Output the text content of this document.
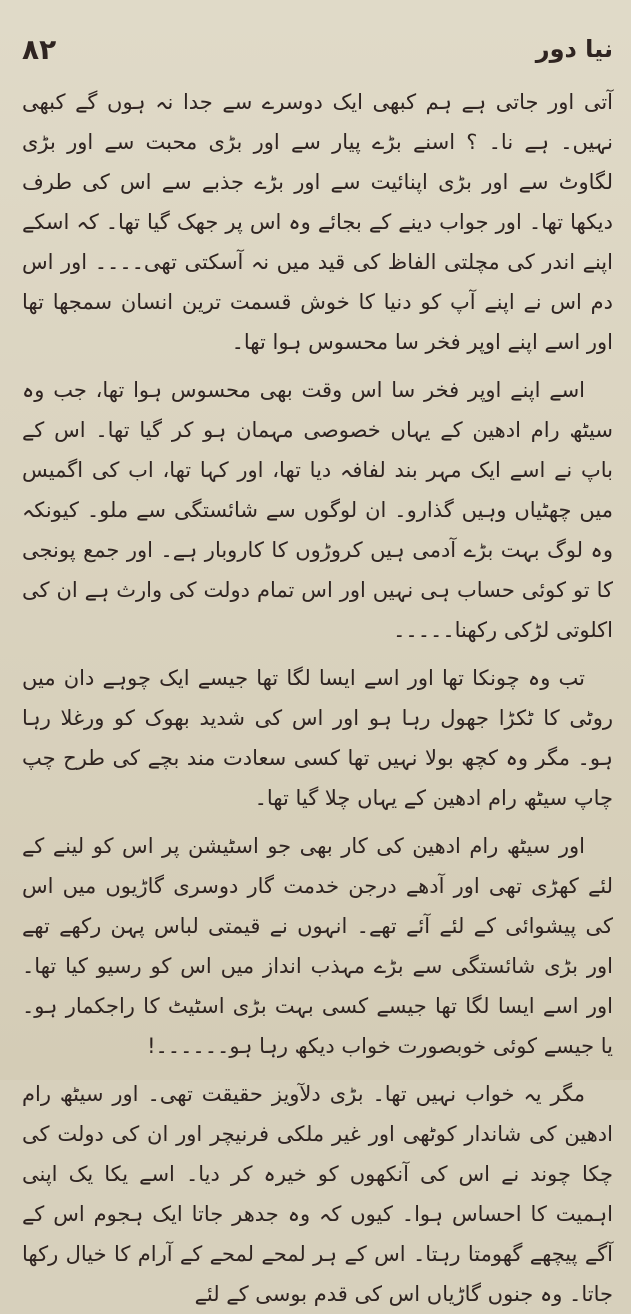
۸۲	نیا دور

آتی اور جاتی ہے ہم کبھی ایک دوسرے سے جدا نہ ہوں گے کبھی نہیں۔ ہے نا۔ ؟ اسنے بڑے پیار سے اور بڑی محبت سے اور بڑی لگاوٹ سے اور بڑی اپنائیت سے اور بڑے جذبے سے اس کی طرف دیکھا تھا۔ اور جواب دینے کے بجائے وہ اس پر جھک گیا تھا۔ کہ اسکے اپنے اندر کی مچلتی الفاظ کی قید میں نہ آسکتی تھی۔۔۔۔ اور اس دم اس نے اپنے آپ کو دنیا کا خوش قسمت ترین انسان سمجھا تھا اور اسے اپنے اوپر فخر سا محسوس ہوا تھا۔

اسے اپنے اوپر فخر سا اس وقت بھی محسوس ہوا تھا، جب وہ سیٹھ رام ادھین کے یہاں خصوصی مہمان ہو کر گیا تھا۔ اس کے باپ نے اسے ایک مہر بند لفافہ دیا تھا، اور کہا تھا، اب کی اگمیس میں چھٹیاں وہیں گذارو۔ ان لوگوں سے شائستگی سے ملو۔ کیونکہ وہ لوگ بہت بڑے آدمی ہیں کروڑوں کا کاروبار ہے۔ اور جمع پونجی کا تو کوئی حساب ہی نہیں اور اس تمام دولت کی وارث ہے ان کی اکلوتی لڑکی رکھنا۔۔۔۔۔

تب وہ چونکا تھا اور اسے ایسا لگا تھا جیسے ایک چوہے دان میں روٹی کا ٹکڑا جھول رہا ہو اور اس کی شدید بھوک کو ورغلا رہا ہو۔ مگر وہ کچھ بولا نہیں تھا کسی سعادت مند بچے کی طرح چپ چاپ سیٹھ رام ادھین کے یہاں چلا گیا تھا۔

اور سیٹھ رام ادھین کی کار بھی جو اسٹیشن پر اس کو لینے کے لئے کھڑی تھی اور آدھے درجن خدمت گار دوسری گاڑیوں میں اس کی پیشوائی کے لئے آئے تھے۔ انہوں نے قیمتی لباس پہن رکھے تھے اور بڑی شائستگی سے بڑے مہذب انداز میں اس کو رسیو کیا تھا۔ اور اسے ایسا لگا تھا جیسے کسی بہت بڑی اسٹیٹ کا راجکمار ہو۔ یا جیسے کوئی خوبصورت خواب دیکھ رہا ہو۔۔۔۔۔۔!

مگر یہ خواب نہیں تھا۔ بڑی دلآویز حقیقت تھی۔ اور سیٹھ رام ادھین کی شاندار کوٹھی اور غیر ملکی فرنیچر اور ان کی دولت کی چکا چوند نے اس کی آنکھوں کو خیرہ کر دیا۔ اسے یکا یک اپنی اہمیت کا احساس ہوا۔ کیوں کہ وہ جدھر جاتا ایک ہجوم اس کے آگے پیچھے گھومتا رہتا۔ اس کے ہر لمحے لمحے کے آرام کا خیال رکھا جاتا۔ وہ جنوں گاڑیاں اس کی قدم بوسی کے لئے
